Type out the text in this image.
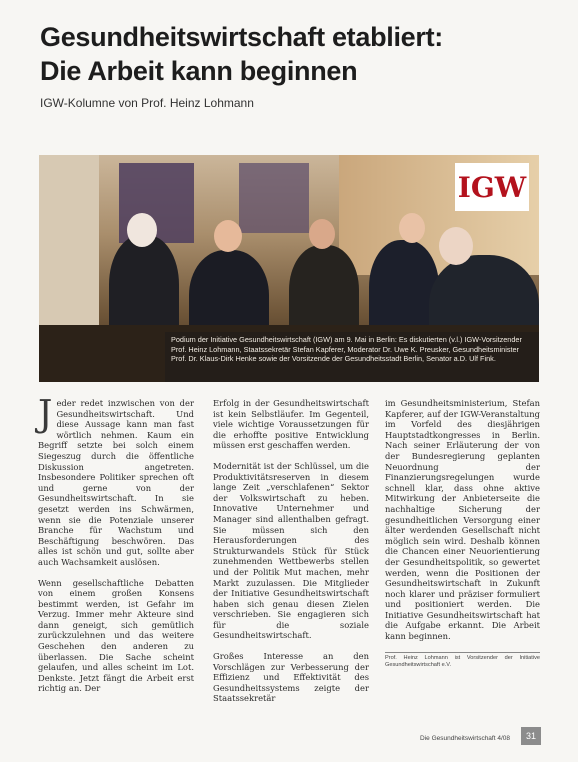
Gesundheitswirtschaft etabliert:
Die Arbeit kann beginnen
IGW-Kolumne von Prof. Heinz Lohmann
IGW
Podium der Initiative Gesundheitswirtschaft (IGW) am 9. Mai in Berlin: Es diskutierten (v.l.) IGW-Vorsitzender Prof. Heinz Lohmann, Staatssekretär Stefan Kapferer, Moderator Dr. Uwe K. Preusker, Gesundheitsminister Prof. Dr. Klaus-Dirk Henke sowie der Vorsitzende der Gesundheitsstadt Berlin, Senator a.D. Ulf Fink.

Jeder redet inzwischen von der Gesundheitswirtschaft. Und diese Aussage kann man fast wörtlich nehmen. Kaum ein Begriff setzte bei solch einem Siegeszug durch die öffentliche Diskussion angetreten. Insbesondere Politiker sprechen oft und gerne von der Gesundheitswirtschaft. In sie gesetzt werden ins Schwärmen, wenn sie die Potenziale unserer Branche für Wachstum und Beschäftigung beschwören. Das alles ist schön und gut, sollte aber auch Wachsamkeit auslösen.

Wenn gesellschaftliche Debatten von einem großen Konsens bestimmt werden, ist Gefahr im Verzug. Immer mehr Akteure sind dann geneigt, sich gemütlich zurückzulehnen und das weitere Geschehen den anderen zu überlassen. Die Sache scheint gelaufen, und alles scheint im Lot. Denkste. Jetzt fängt die Arbeit erst richtig an. Der

Erfolg in der Gesundheitswirtschaft ist kein Selbstläufer. Im Gegenteil, viele wichtige Voraussetzungen für die erhoffte positive Entwicklung müssen erst geschaffen werden.

Modernität ist der Schlüssel, um die Produktivitätsreserven in diesem lange Zeit „verschlafenen“ Sektor der Volkswirtschaft zu heben. Innovative Unternehmer und Manager sind allenthalben gefragt. Sie müssen sich den Herausforderungen des Strukturwandels Stück für Stück zunehmenden Wettbewerbs stellen und der Politik Mut machen, mehr Markt zuzulassen. Die Mitglieder der Initiative Gesundheitswirtschaft haben sich genau diesen Zielen verschrieben. Sie engagieren sich für die soziale Gesundheitswirtschaft.

Großes Interesse an den Vorschlägen zur Verbesserung der Effizienz und Effektivität des Gesundheitssystems zeigte der Staatssekretär

im Gesundheitsministerium, Stefan Kapferer, auf der IGW-Veranstaltung im Vorfeld des diesjährigen Hauptstadtkongresses in Berlin. Nach seiner Erläuterung der von der Bundesregierung geplanten Neuordnung der Finanzierungsregelungen wurde schnell klar, dass ohne aktive Mitwirkung der Anbieterseite die nachhaltige Sicherung der gesundheitlichen Versorgung einer älter werdenden Gesellschaft nicht möglich sein wird. Deshalb können die Chancen einer Neuorientierung der Gesundheitspolitik, so gewertet werden, wenn die Positionen der Gesundheitswirtschaft in Zukunft noch klarer und präziser formuliert und positioniert werden. Die Initiative Gesundheitswirtschaft hat die Aufgabe erkannt. Die Arbeit kann beginnen.

Prof. Heinz Lohmann ist Vorsitzender der Initiative Gesundheitswirtschaft e.V.
Die Gesundheitswirtschaft 4/08	31
